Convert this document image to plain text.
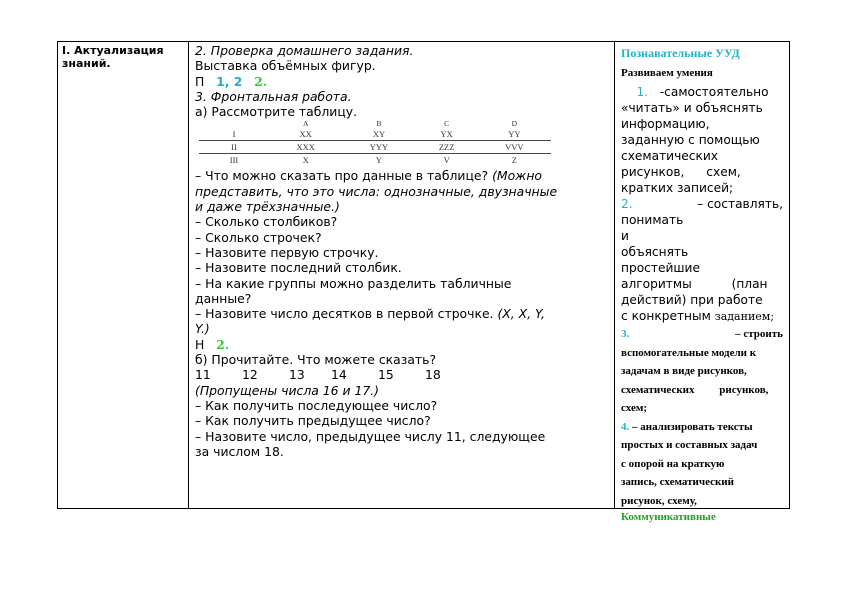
I. Актуализация знаний.

2. Проверка домашнего задания.

Выставка объёмных фигур.

П 1, 2 2.

3. Фронтальная работа.

а) Рассмотрите таблицу.

	A	B	C	D
I	XX	XY	YX	YY
II	XXX	YYY	ZZZ	VVV
III	X	Y	V	Z

– Что можно сказать про данные в таблице? (Можно

представить, что это числа: однозначные, двузначные

и даже трёхзначные.)

– Сколько столбиков?

– Сколько строчек?

– Назовите первую строчку.

– Назовите последний столбик.

– На какие группы можно разделить табличные

данные?

– Назовите число десятков в первой строчке. (X, X, Y,

Y.)

Н 2.

б) Прочитайте. Что можете сказать?

11	12	13	14	15	18

(Пропущены числа 16 и 17.)

– Как получить последующее число?

– Как получить предыдущее число?

– Назовите число, предыдущее числу 11, следующее

за числом 18.

Познавательные УУД
Развиваем умения

1. -самостоятельно

«читать» и объяснять

информацию,

заданную с помощью

схематических

рисунков, схем,

кратких записей;

2.	– составлять,

понимать и

объяснять

простейшие

алгоритмы (план

действий) при работе

с конкретным заданием;

3.	– строить

вспомогательные модели к

задачам в виде рисунков,

схематических рисунков,

схем;

4. – анализировать тексты

простых и составных задач

с опорой на краткую

запись, схематический

рисунок, схему,

Коммуникативные
